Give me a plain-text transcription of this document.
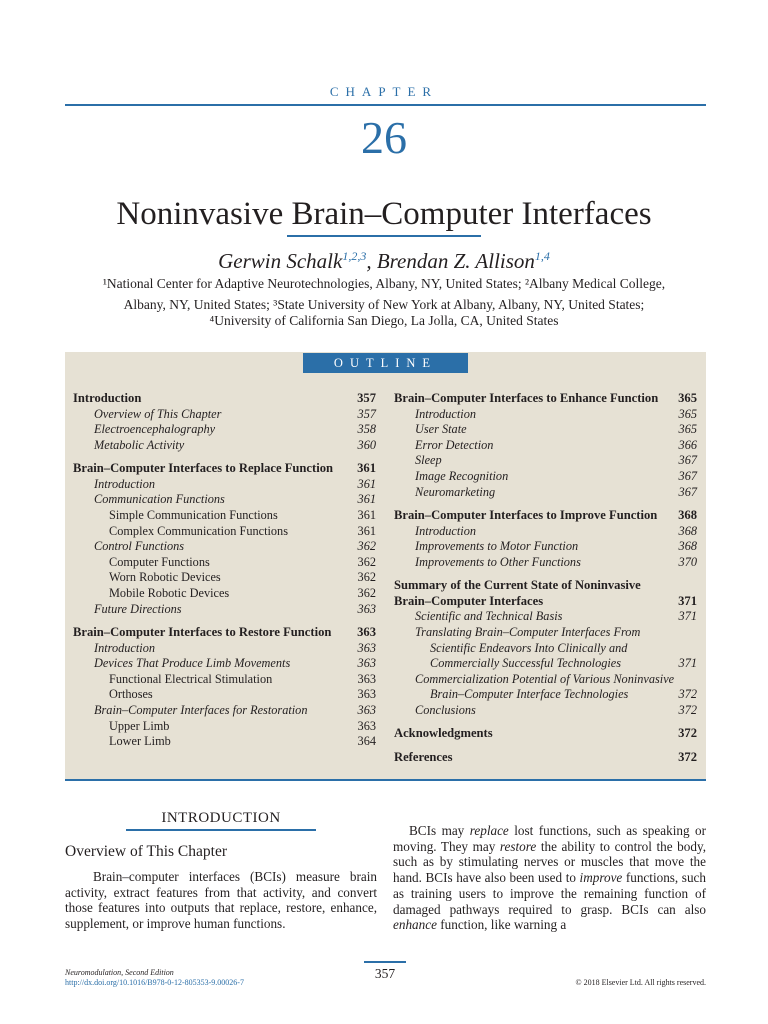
CHAPTER
26
Noninvasive Brain–Computer Interfaces
Gerwin Schalk$^{1,2,3}$, Brendan Z. Allison$^{1,4}$
¹National Center for Adaptive Neurotechnologies, Albany, NY, United States; ²Albany Medical College,
Albany, NY, United States; ³State University of New York at Albany, Albany, NY, United States;
⁴University of California San Diego, La Jolla, CA, United States
OUTLINE
Introduction	357
Overview of This Chapter	357
Electroencephalography	358
Metabolic Activity	360
Brain–Computer Interfaces to Replace Function 361
Introduction	361
Communication Functions	361
Simple Communication Functions	361
Complex Communication Functions	361
Control Functions	362
Computer Functions	362
Worn Robotic Devices	362
Mobile Robotic Devices	362
Future Directions	363
Brain–Computer Interfaces to Restore Function 363
Introduction	363
Devices That Produce Limb Movements	363
Functional Electrical Stimulation	363
Orthoses	363
Brain–Computer Interfaces for Restoration	363
Upper Limb	363
Lower Limb	364
Brain–Computer Interfaces to Enhance Function 365
Introduction	365
User State	365
Error Detection	366
Sleep	367
Image Recognition	367
Neuromarketing	367
Brain–Computer Interfaces to Improve Function 368
Introduction	368
Improvements to Motor Function	368
Improvements to Other Functions	370
Summary of the Current State of Noninvasive
Brain–Computer Interfaces	371
Scientific and Technical Basis	371
Translating Brain–Computer Interfaces From
Scientific Endeavors Into Clinically and
Commercially Successful Technologies	371
Commercialization Potential of Various Noninvasive
Brain–Computer Interface Technologies	372
Conclusions	372
Acknowledgments	372
References	372
INTRODUCTION
Overview of This Chapter

Brain–computer interfaces (BCIs) measure brain activity, extract features from that activity, and convert those features into outputs that replace, restore, enhance, supplement, or improve human functions.

BCIs may replace lost functions, such as speaking or moving. They may restore the ability to control the body, such as by stimulating nerves or muscles that move the hand. BCIs have also been used to improve functions, such as training users to improve the remaining function of damaged pathways required to grasp. BCIs can also enhance function, like warning a

Neuromodulation, Second Edition
http://dx.doi.org/10.1016/B978-0-12-805353-9.00026-7
357
© 2018 Elsevier Ltd. All rights reserved.
